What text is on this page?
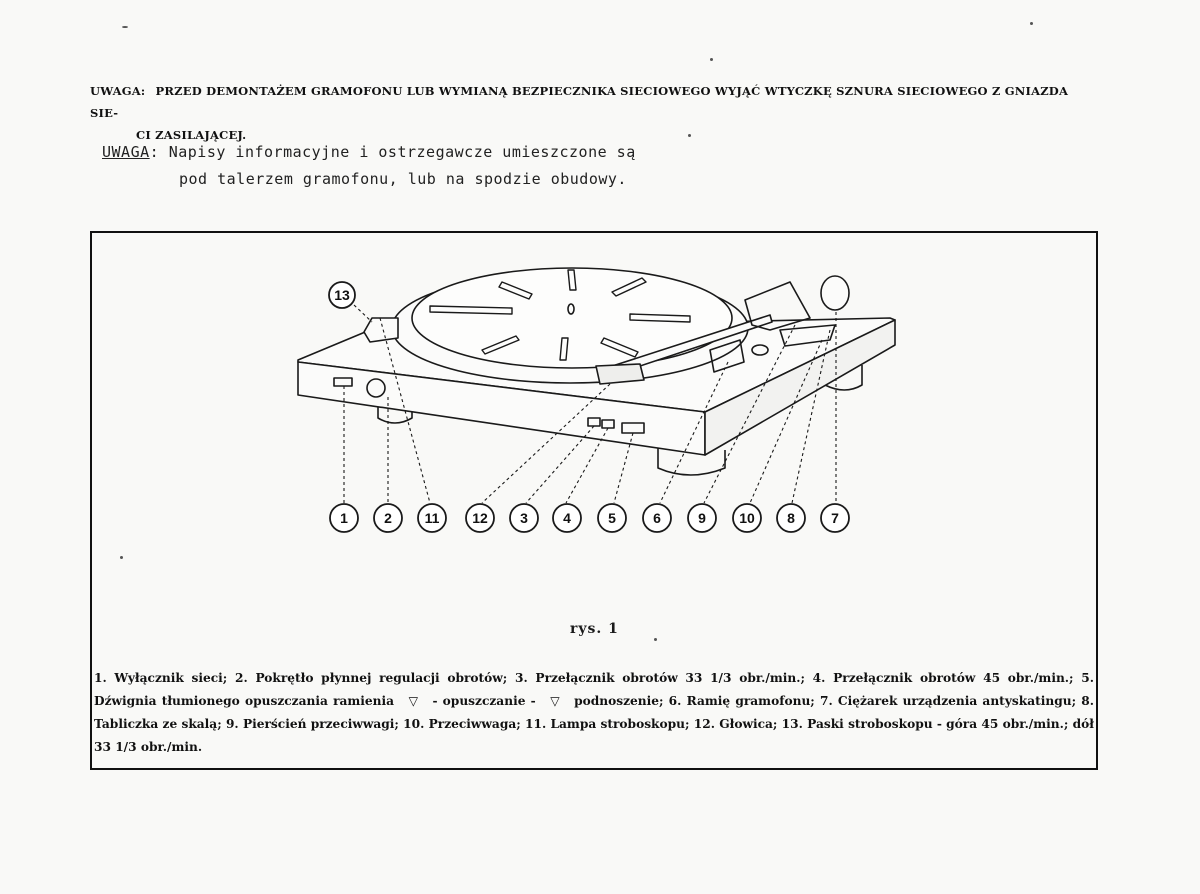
UWAGA: PRZED DEMONTAŻEM GRAMOFONU LUB WYMIANĄ BEZPIECZNIKA SIECIOWEGO WYJĄĆ WTYCZKĘ SZNURA SIECIOWEGO Z GNIAZDA SIE-
CI ZASILAJĄCEJ.
UWAGA: Napisy informacyjne i ostrzegawcze umieszczone są
pod talerzem gramofonu, lub na spodzie obudowy.
13
1	2 11 12 3	4	5	6	9 10 8	7
rys. 1
1. Wyłącznik sieci; 2. Pokrętło płynnej regulacji obrotów; 3. Przełącznik obrotów 33 1/3 obr./min.; 4. Przełącznik obrotów 45 obr./min.; 5. Dźwignia tłumionego opuszczania ramienia ▽ - opuszczanie - ▽ podnoszenie; 6. Ramię gramofonu; 7. Ciężarek urządzenia antyskatingu; 8. Tabliczka ze skalą; 9. Pierścień przeciwwagi; 10. Przeciwwaga; 11. Lampa stroboskopu; 12. Głowica; 13. Paski stroboskopu - góra 45 obr./min.; dół 33 1/3 obr./min.
